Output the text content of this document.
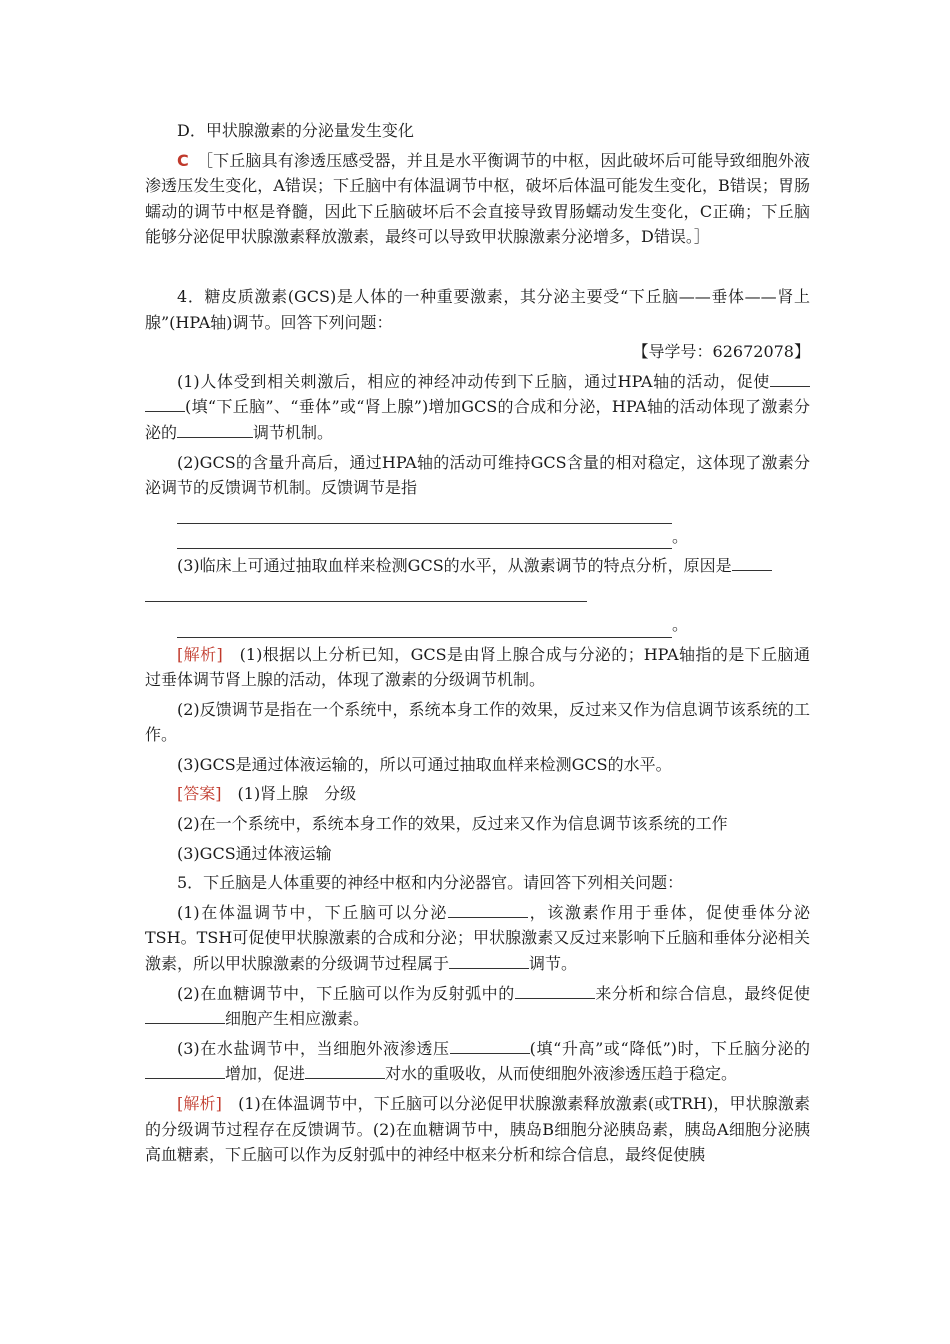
D．甲状腺激素的分泌量发生变化

C　 ［下丘脑具有渗透压感受器，并且是水平衡调节的中枢，因此破坏后可能导致细胞外液渗透压发生变化，A错误；下丘脑中有体温调节中枢，破坏后体温可能发生变化，B错误；胃肠蠕动的调节中枢是脊髓，因此下丘脑破坏后不会直接导致胃肠蠕动发生变化，C正确；下丘脑能够分泌促甲状腺激素释放激素，最终可以导致甲状腺激素分泌增多，D错误。］

4．糖皮质激素(GCS)是人体的一种重要激素，其分泌主要受“下丘脑——垂体——肾上腺”(HPA轴)调节。回答下列问题：

【导学号：62672078】

(1)人体受到相关刺激后，相应的神经冲动传到下丘脑，通过HPA轴的活动，促使(填“下丘脑”、“垂体”或“肾上腺”)增加GCS的合成和分泌，HPA轴的活动体现了激素分泌的	调节机制。

(2)GCS的含量升高后，通过HPA轴的活动可维持GCS含量的相对稳定，这体现了激素分泌调节的反馈调节机制。反馈调节是指

。

(3)临床上可通过抽取血样来检测GCS的水平，从激素调节的特点分析，原因是

。

[解析]　 (1)根据以上分析已知，GCS是由肾上腺合成与分泌的；HPA轴指的是下丘脑通过垂体调节肾上腺的活动，体现了激素的分级调节机制。

(2)反馈调节是指在一个系统中，系统本身工作的效果，反过来又作为信息调节该系统的工作。

(3)GCS是通过体液运输的，所以可通过抽取血样来检测GCS的水平。

[答案]　 (1)肾上腺　分级

(2)在一个系统中，系统本身工作的效果，反过来又作为信息调节该系统的工作

(3)GCS通过体液运输

5．下丘脑是人体重要的神经中枢和内分泌器官。请回答下列相关问题：

(1)在体温调节中，下丘脑可以分泌	，该激素作用于垂体，促使垂体分泌TSH。TSH可促使甲状腺激素的合成和分泌；甲状腺激素又反过来影响下丘脑和垂体分泌相关激素，所以甲状腺激素的分级调节过程属于	调节。

(2)在血糖调节中，下丘脑可以作为反射弧中的	来分析和综合信息，最终促使细胞产生相应激素。

(3)在水盐调节中，当细胞外液渗透压	(填“升高”或“降低”)时，下丘脑分泌的增加，促进	对水的重吸收，从而使细胞外液渗透压趋于稳定。

[解析]　 (1)在体温调节中，下丘脑可以分泌促甲状腺激素释放激素(或TRH)，甲状腺激素的分级调节过程存在反馈调节。(2)在血糖调节中，胰岛B细胞分泌胰岛素，胰岛A细胞分泌胰高血糖素，下丘脑可以作为反射弧中的神经中枢来分析和综合信息，最终促使胰
